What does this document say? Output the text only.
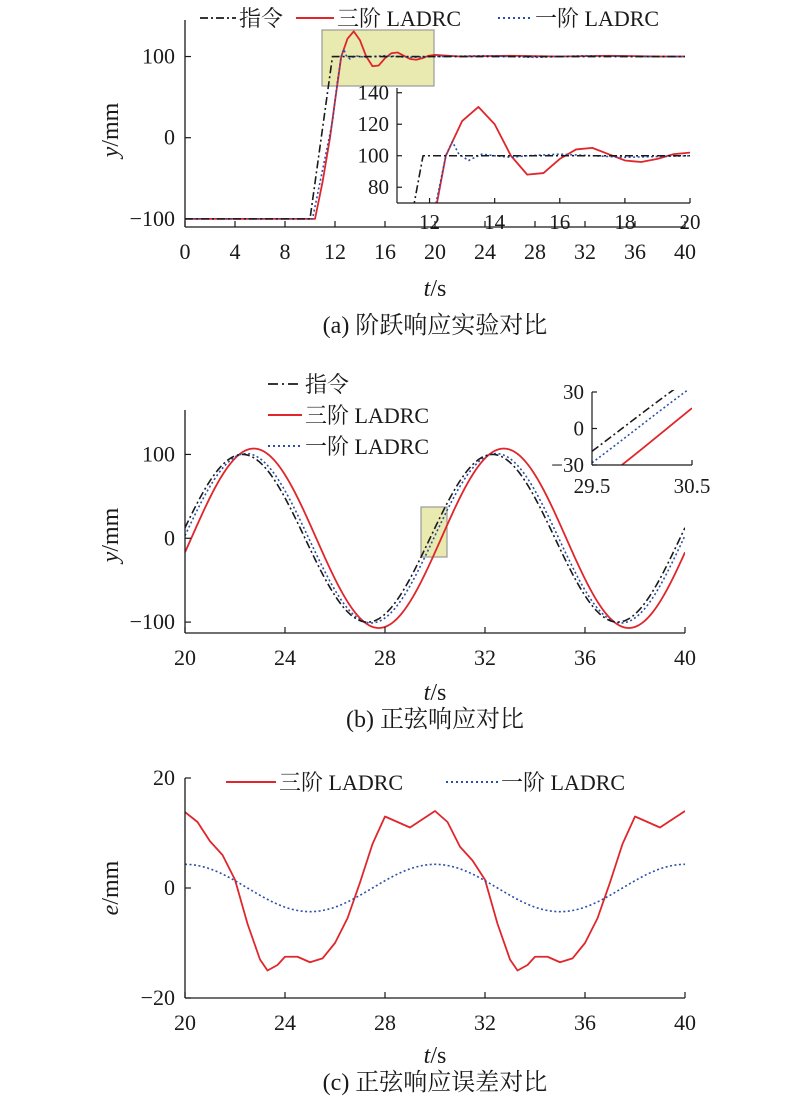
0 4 8 12 16 20 24 28 32 36 40
−100
0
100
t/s
y/mm
指令 三阶 LADRC	一阶 LADRC
12 14 16 18 20
80
100
120
140
(a) 阶跃响应实验对比
20	24	28	32	36	40
−100
0
100
t/s
y/mm
指令
三阶 LADRC
一阶 LADRC
29.5	30.5
−30
0
30
(b) 正弦响应对比
20	24	28	32	36	40
−20
0
20
t/s
e/mm
三阶 LADRC	一阶 LADRC
(c) 正弦响应误差对比
